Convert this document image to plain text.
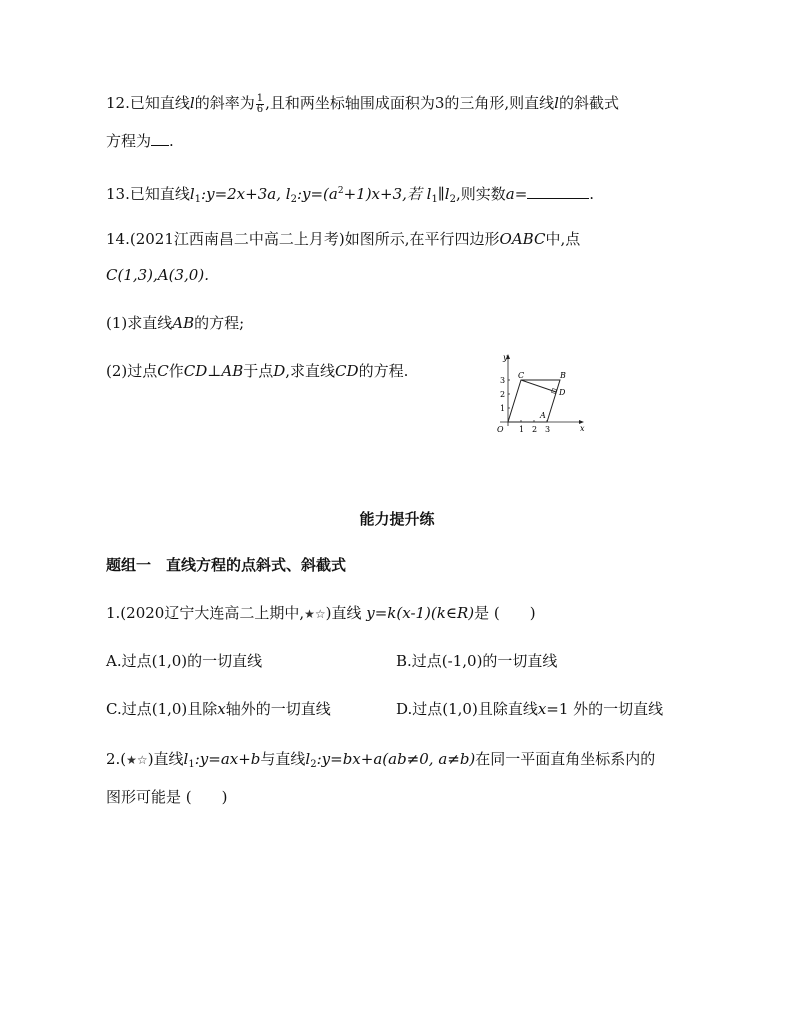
12.已知直线l的斜率为 $\frac{1}{6}$ ,且和两坐标轴围成面积为3的三角形,则直线l的斜截式
方程为 .
13.已知直线$l_1:y=2x+3a$, $l_2:y=(a^2+1)x+3$,若 $l_1\parallel l_2$,则实数a=	.
14.(2021江西南昌二中高二上月考)如图所示,在平行四边形OABC中,点
C(1,3),A(3,0).
(1)求直线AB的方程;
(2)过点C作CD⊥AB于点D,求直线CD的方程.
y
x
O
A
B
C
D
1
2
3
1 2 3
能力提升练
题组一　直线方程的点斜式、斜截式
1.(2020辽宁大连高二上期中,★☆)直线 y=k(x-1)(k∈R)是 (　　)
A.过点(1,0)的一切直线	B.过点(-1,0)的一切直线
C.过点(1,0)且除x轴外的一切直线	D.过点(1,0)且除直线x=1 外的一切直线
2.(★☆)直线$l_1:y=ax+b$与直线$l_2:y=bx+a(ab\ne 0$, a≠b)在同一平面直角坐标系内的
图形可能是 (　　)
